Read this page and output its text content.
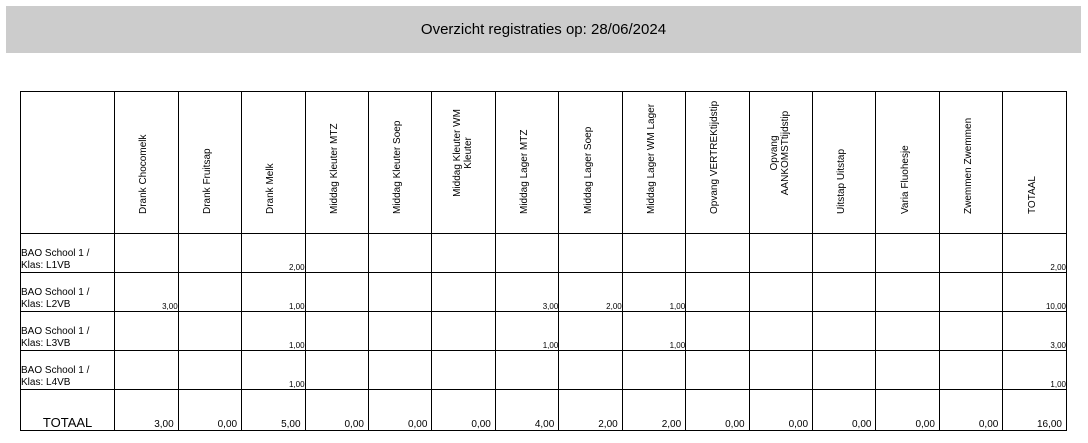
Overzicht registraties op: 28/06/2024

	Drank Chocomelk	Drank Fruitsap	Drank Melk	Middag Kleuter MTZ	Middag Kleuter Soep	Middag Kleuter WM Kleuter	Middag Lager MTZ	Middag Lager Soep	Middag Lager WM Lager	Opvang VERTREKtijdstip	Opvang AANKOMSTtijdstip	Uitstap Uitstap	Varia Fluohesje	Zwemmen Zwemmen	TOTAAL

BAO School 1 / Klas: L1VB			2,00												2,00
BAO School 1 / Klas: L2VB	3,00		1,00				3,00	2,00	1,00						10,00
BAO School 1 / Klas: L3VB			1,00				1,00		1,00						3,00
BAO School 1 / Klas: L4VB			1,00												1,00
TOTAAL	3,00	0,00	5,00	0,00	0,00	0,00	4,00	2,00	2,00	0,00	0,00	0,00	0,00	0,00	16,00
